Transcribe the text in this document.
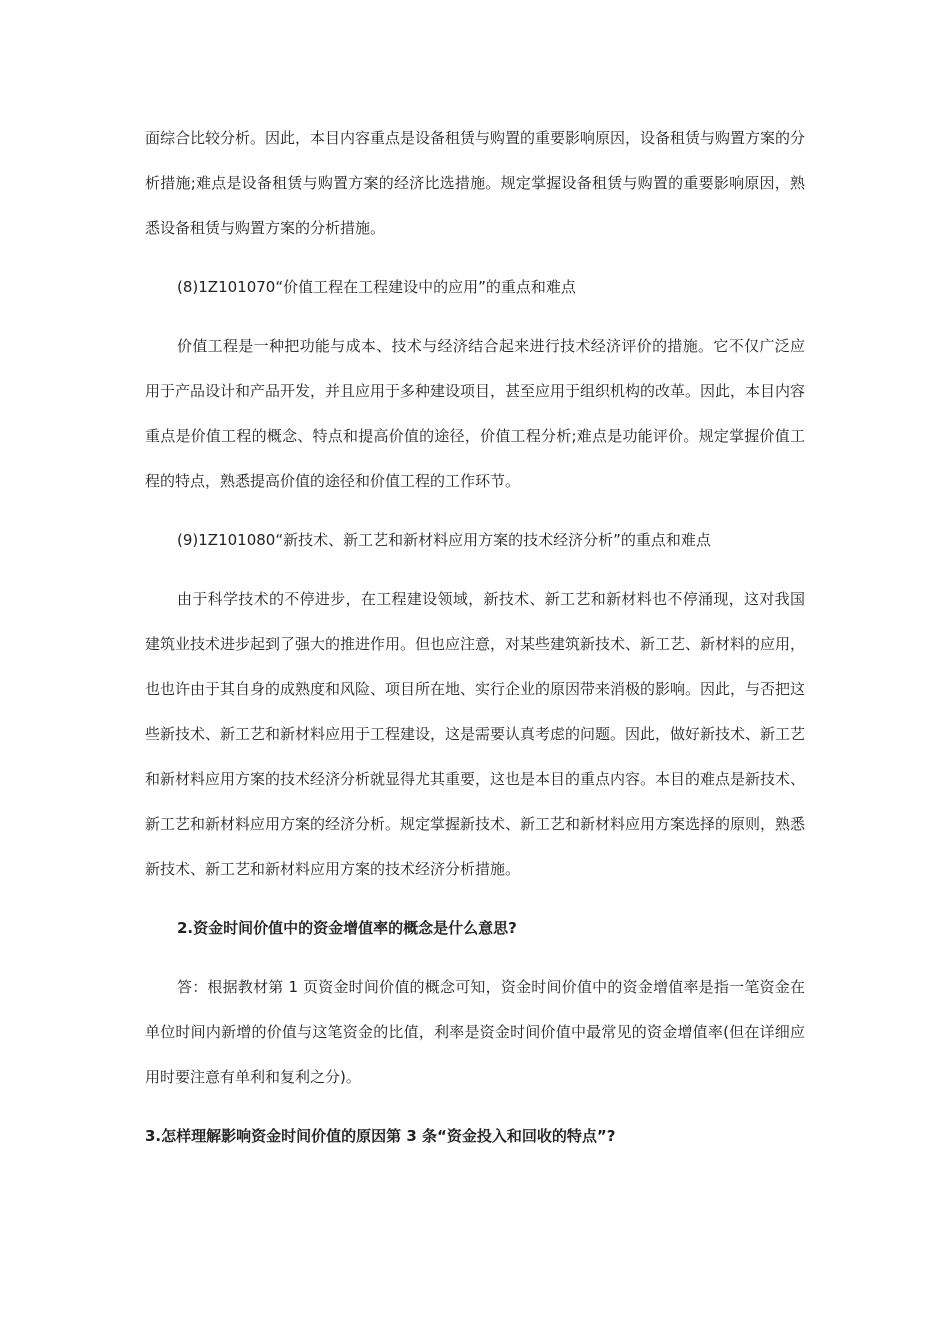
面综合比较分析。因此，本目内容重点是设备租赁与购置的重要影响原因，设备租赁与购置方案的分析措施;难点是设备租赁与购置方案的经济比选措施。规定掌握设备租赁与购置的重要影响原因，熟悉设备租赁与购置方案的分析措施。

(8)1Z101070“价值工程在工程建设中的应用”的重点和难点

价值工程是一种把功能与成本、技术与经济结合起来进行技术经济评价的措施。它不仅广泛应用于产品设计和产品开发，并且应用于多种建设项目，甚至应用于组织机构的改革。因此，本目内容重点是价值工程的概念、特点和提高价值的途径，价值工程分析;难点是功能评价。规定掌握价值工程的特点，熟悉提高价值的途径和价值工程的工作环节。

(9)1Z101080“新技术、新工艺和新材料应用方案的技术经济分析”的重点和难点

由于科学技术的不停进步，在工程建设领域，新技术、新工艺和新材料也不停涌现，这对我国建筑业技术进步起到了强大的推进作用。但也应注意，对某些建筑新技术、新工艺、新材料的应用，也也许由于其自身的成熟度和风险、项目所在地、实行企业的原因带来消极的影响。因此，与否把这些新技术、新工艺和新材料应用于工程建设，这是需要认真考虑的问题。因此，做好新技术、新工艺和新材料应用方案的技术经济分析就显得尤其重要，这也是本目的重点内容。本目的难点是新技术、新工艺和新材料应用方案的经济分析。规定掌握新技术、新工艺和新材料应用方案选择的原则，熟悉新技术、新工艺和新材料应用方案的技术经济分析措施。

2.资金时间价值中的资金增值率的概念是什么意思?

答：根据教材第 1 页资金时间价值的概念可知，资金时间价值中的资金增值率是指一笔资金在单位时间内新增的价值与这笔资金的比值，利率是资金时间价值中最常见的资金增值率(但在详细应用时要注意有单利和复利之分)。

3.怎样理解影响资金时间价值的原因第 3 条“资金投入和回收的特点”?
